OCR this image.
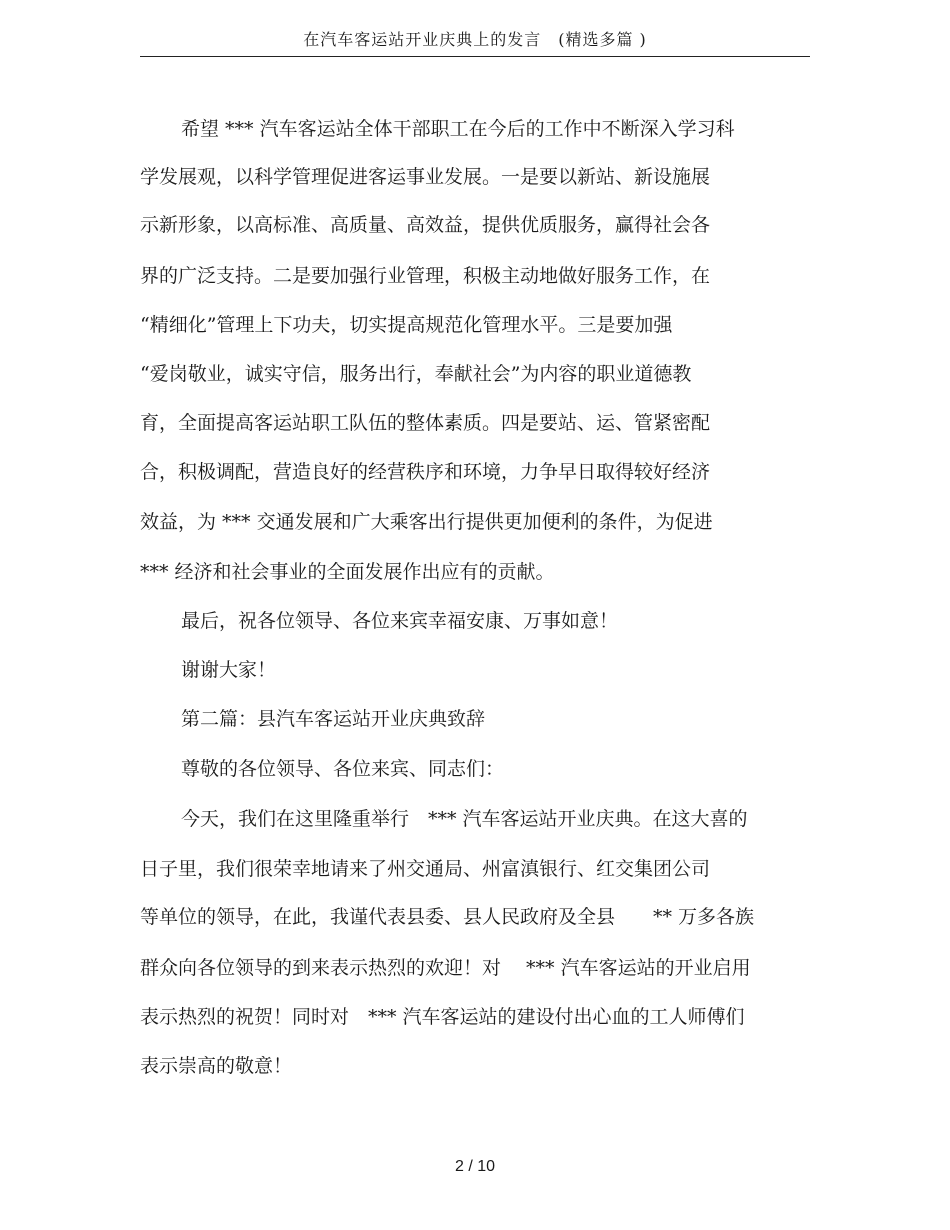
在汽车客运站开业庆典上的发言　(精选多篇 )
希望 *** 汽车客运站全体干部职工在今后的工作中不断深入学习科
学发展观，以科学管理促进客运事业发展。一是要以新站、新设施展
示新形象，以高标准、高质量、高效益，提供优质服务，赢得社会各
界的广泛支持。二是要加强行业管理，积极主动地做好服务工作，在
“精细化”管理上下功夫，切实提高规范化管理水平。三是要加强
“爱岗敬业，诚实守信，服务出行，奉献社会”为内容的职业道德教
育，全面提高客运站职工队伍的整体素质。四是要站、运、管紧密配
合，积极调配，营造良好的经营秩序和环境，力争早日取得较好经济
效益，为 *** 交通发展和广大乘客出行提供更加便利的条件，为促进
*** 经济和社会事业的全面发展作出应有的贡献。
最后，祝各位领导、各位来宾幸福安康、万事如意！
谢谢大家！
第二篇：县汽车客运站开业庆典致辞
尊敬的各位领导、各位来宾、同志们：
今天，我们在这里隆重举行　*** 汽车客运站开业庆典。在这大喜的
日子里，我们很荣幸地请来了州交通局、州富滇银行、红交集团公司
等单位的领导，在此，我谨代表县委、县人民政府及全县　　** 万多各族
群众向各位领导的到来表示热烈的欢迎！对　 *** 汽车客运站的开业启用
表示热烈的祝贺！同时对　*** 汽车客运站的建设付出心血的工人师傅们
表示崇高的敬意！
2 / 10
